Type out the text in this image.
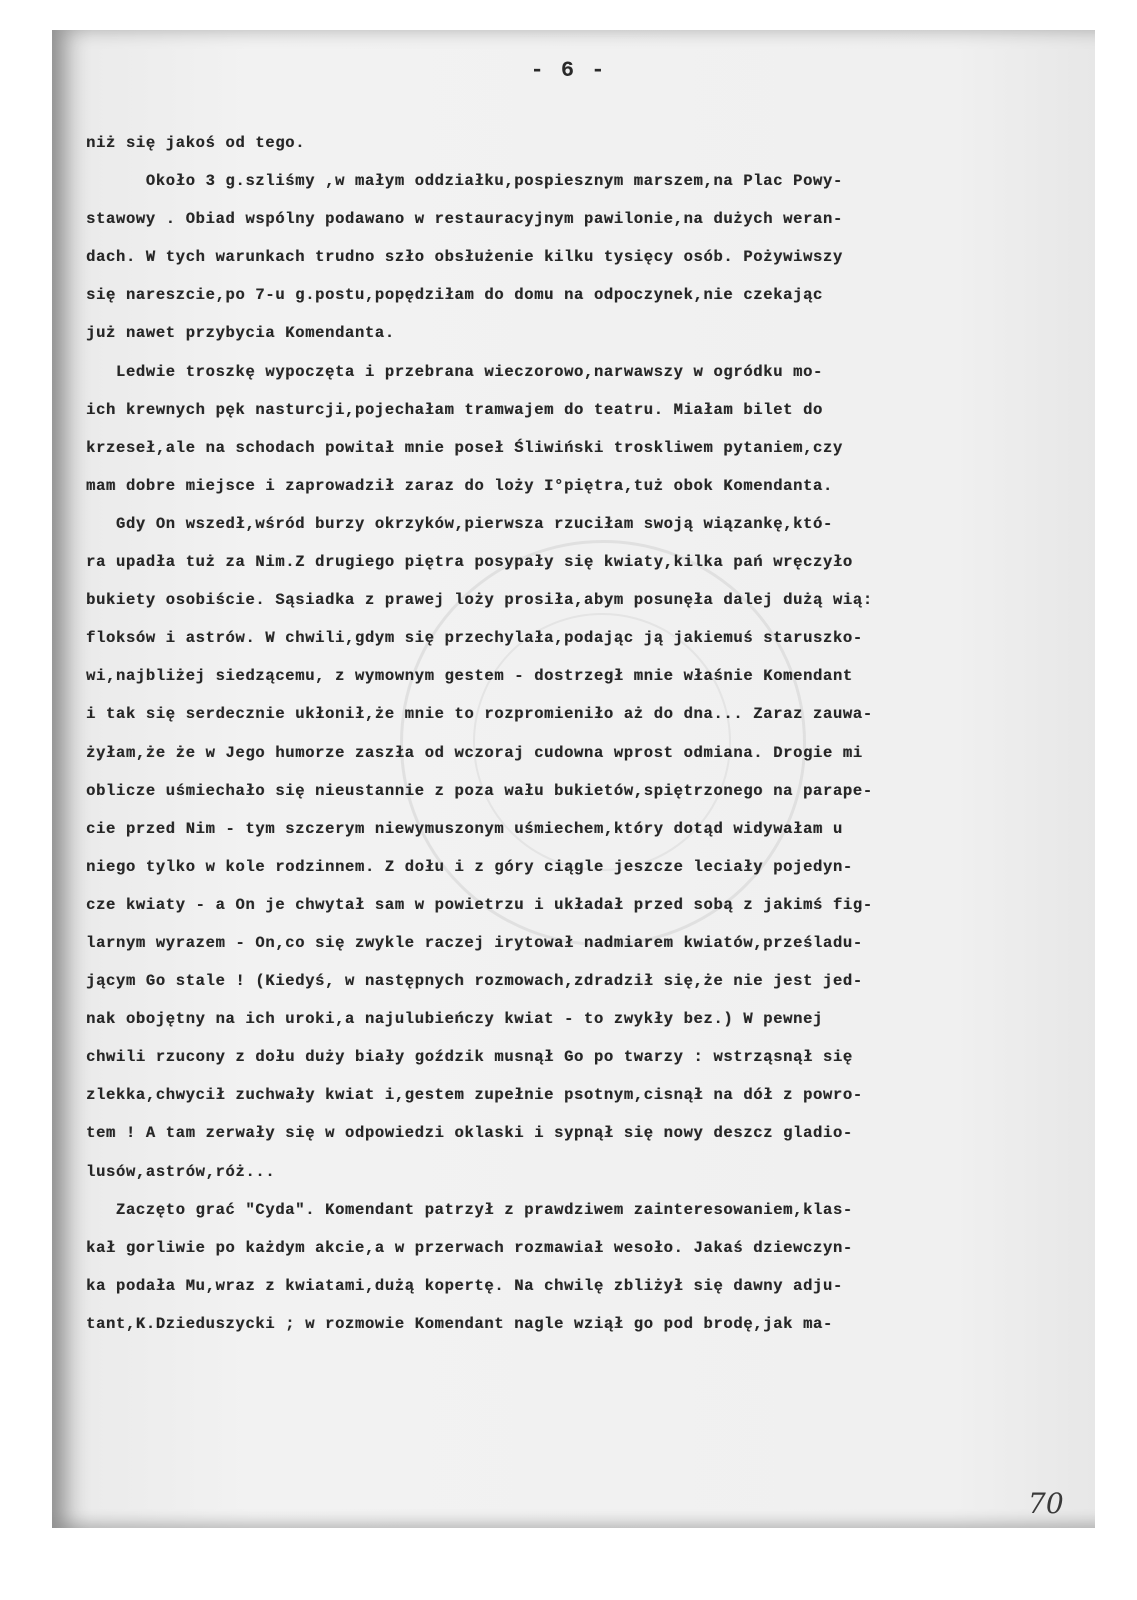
- 6 -
niż się jakoś od tego.
Około 3 g.szliśmy ,w małym oddziałku,pospiesznym marszem,na Plac Powy-
stawowy . Obiad wspólny podawano w restauracyjnym pawilonie,na dużych weran-
dach. W tych warunkach trudno szło obsłużenie kilku tysięcy osób. Pożywiwszy
się nareszcie,po 7-u g.postu,popędziłam do domu na odpoczynek,nie czekając
już nawet przybycia Komendanta.
Ledwie troszkę wypoczęta i przebrana wieczorowo,narwawszy w ogródku mo-
ich krewnych pęk nasturcji,pojechałam tramwajem do teatru. Miałam bilet do
krzeseł,ale na schodach powitał mnie poseł Śliwiński troskliwem pytaniem,czy
mam dobre miejsce i zaprowadził zaraz do loży I°piętra,tuż obok Komendanta.
Gdy On wszedł,wśród burzy okrzyków,pierwsza rzuciłam swoją wiązankę,któ-
ra upadła tuż za Nim.Z drugiego piętra posypały się kwiaty,kilka pań wręczyło
bukiety osobiście. Sąsiadka z prawej loży prosiła,abym posunęła dalej dużą wią:
floksów i astrów. W chwili,gdym się przechylała,podając ją jakiemuś staruszko-
wi,najbliżej siedzącemu, z wymownym gestem - dostrzegł mnie właśnie Komendant
i tak się serdecznie ukłonił,że mnie to rozpromieniło aż do dna... Zaraz zauwa-
żyłam,że że w Jego humorze zaszła od wczoraj cudowna wprost odmiana. Drogie mi
oblicze uśmiechało się nieustannie z poza wału bukietów,spiętrzonego na parape-
cie przed Nim - tym szczerym niewymuszonym uśmiechem,który dotąd widywałam u
niego tylko w kole rodzinnem. Z dołu i z góry ciągle jeszcze leciały pojedyn-
cze kwiaty - a On je chwytał sam w powietrzu i układał przed sobą z jakimś fig-
larnym wyrazem - On,co się zwykle raczej irytował nadmiarem kwiatów,prześladu-
jącym Go stale ! (Kiedyś, w następnych rozmowach,zdradził się,że nie jest jed-
nak obojętny na ich uroki,a najulubieńczy kwiat - to zwykły bez.) W pewnej
chwili rzucony z dołu duży biały goździk musnął Go po twarzy : wstrząsnął się
zlekka,chwycił zuchwały kwiat i,gestem zupełnie psotnym,cisnął na dół z powro-
tem ! A tam zerwały się w odpowiedzi oklaski i sypnął się nowy deszcz gladio-
lusów,astrów,róż...
Zaczęto grać "Cyda". Komendant patrzył z prawdziwem zainteresowaniem,klas-
kał gorliwie po każdym akcie,a w przerwach rozmawiał wesoło. Jakaś dziewczyn-
ka podała Mu,wraz z kwiatami,dużą kopertę. Na chwilę zbliżył się dawny adju-
tant,K.Dzieduszycki ; w rozmowie Komendant nagle wziął go pod brodę,jak ma-
70
